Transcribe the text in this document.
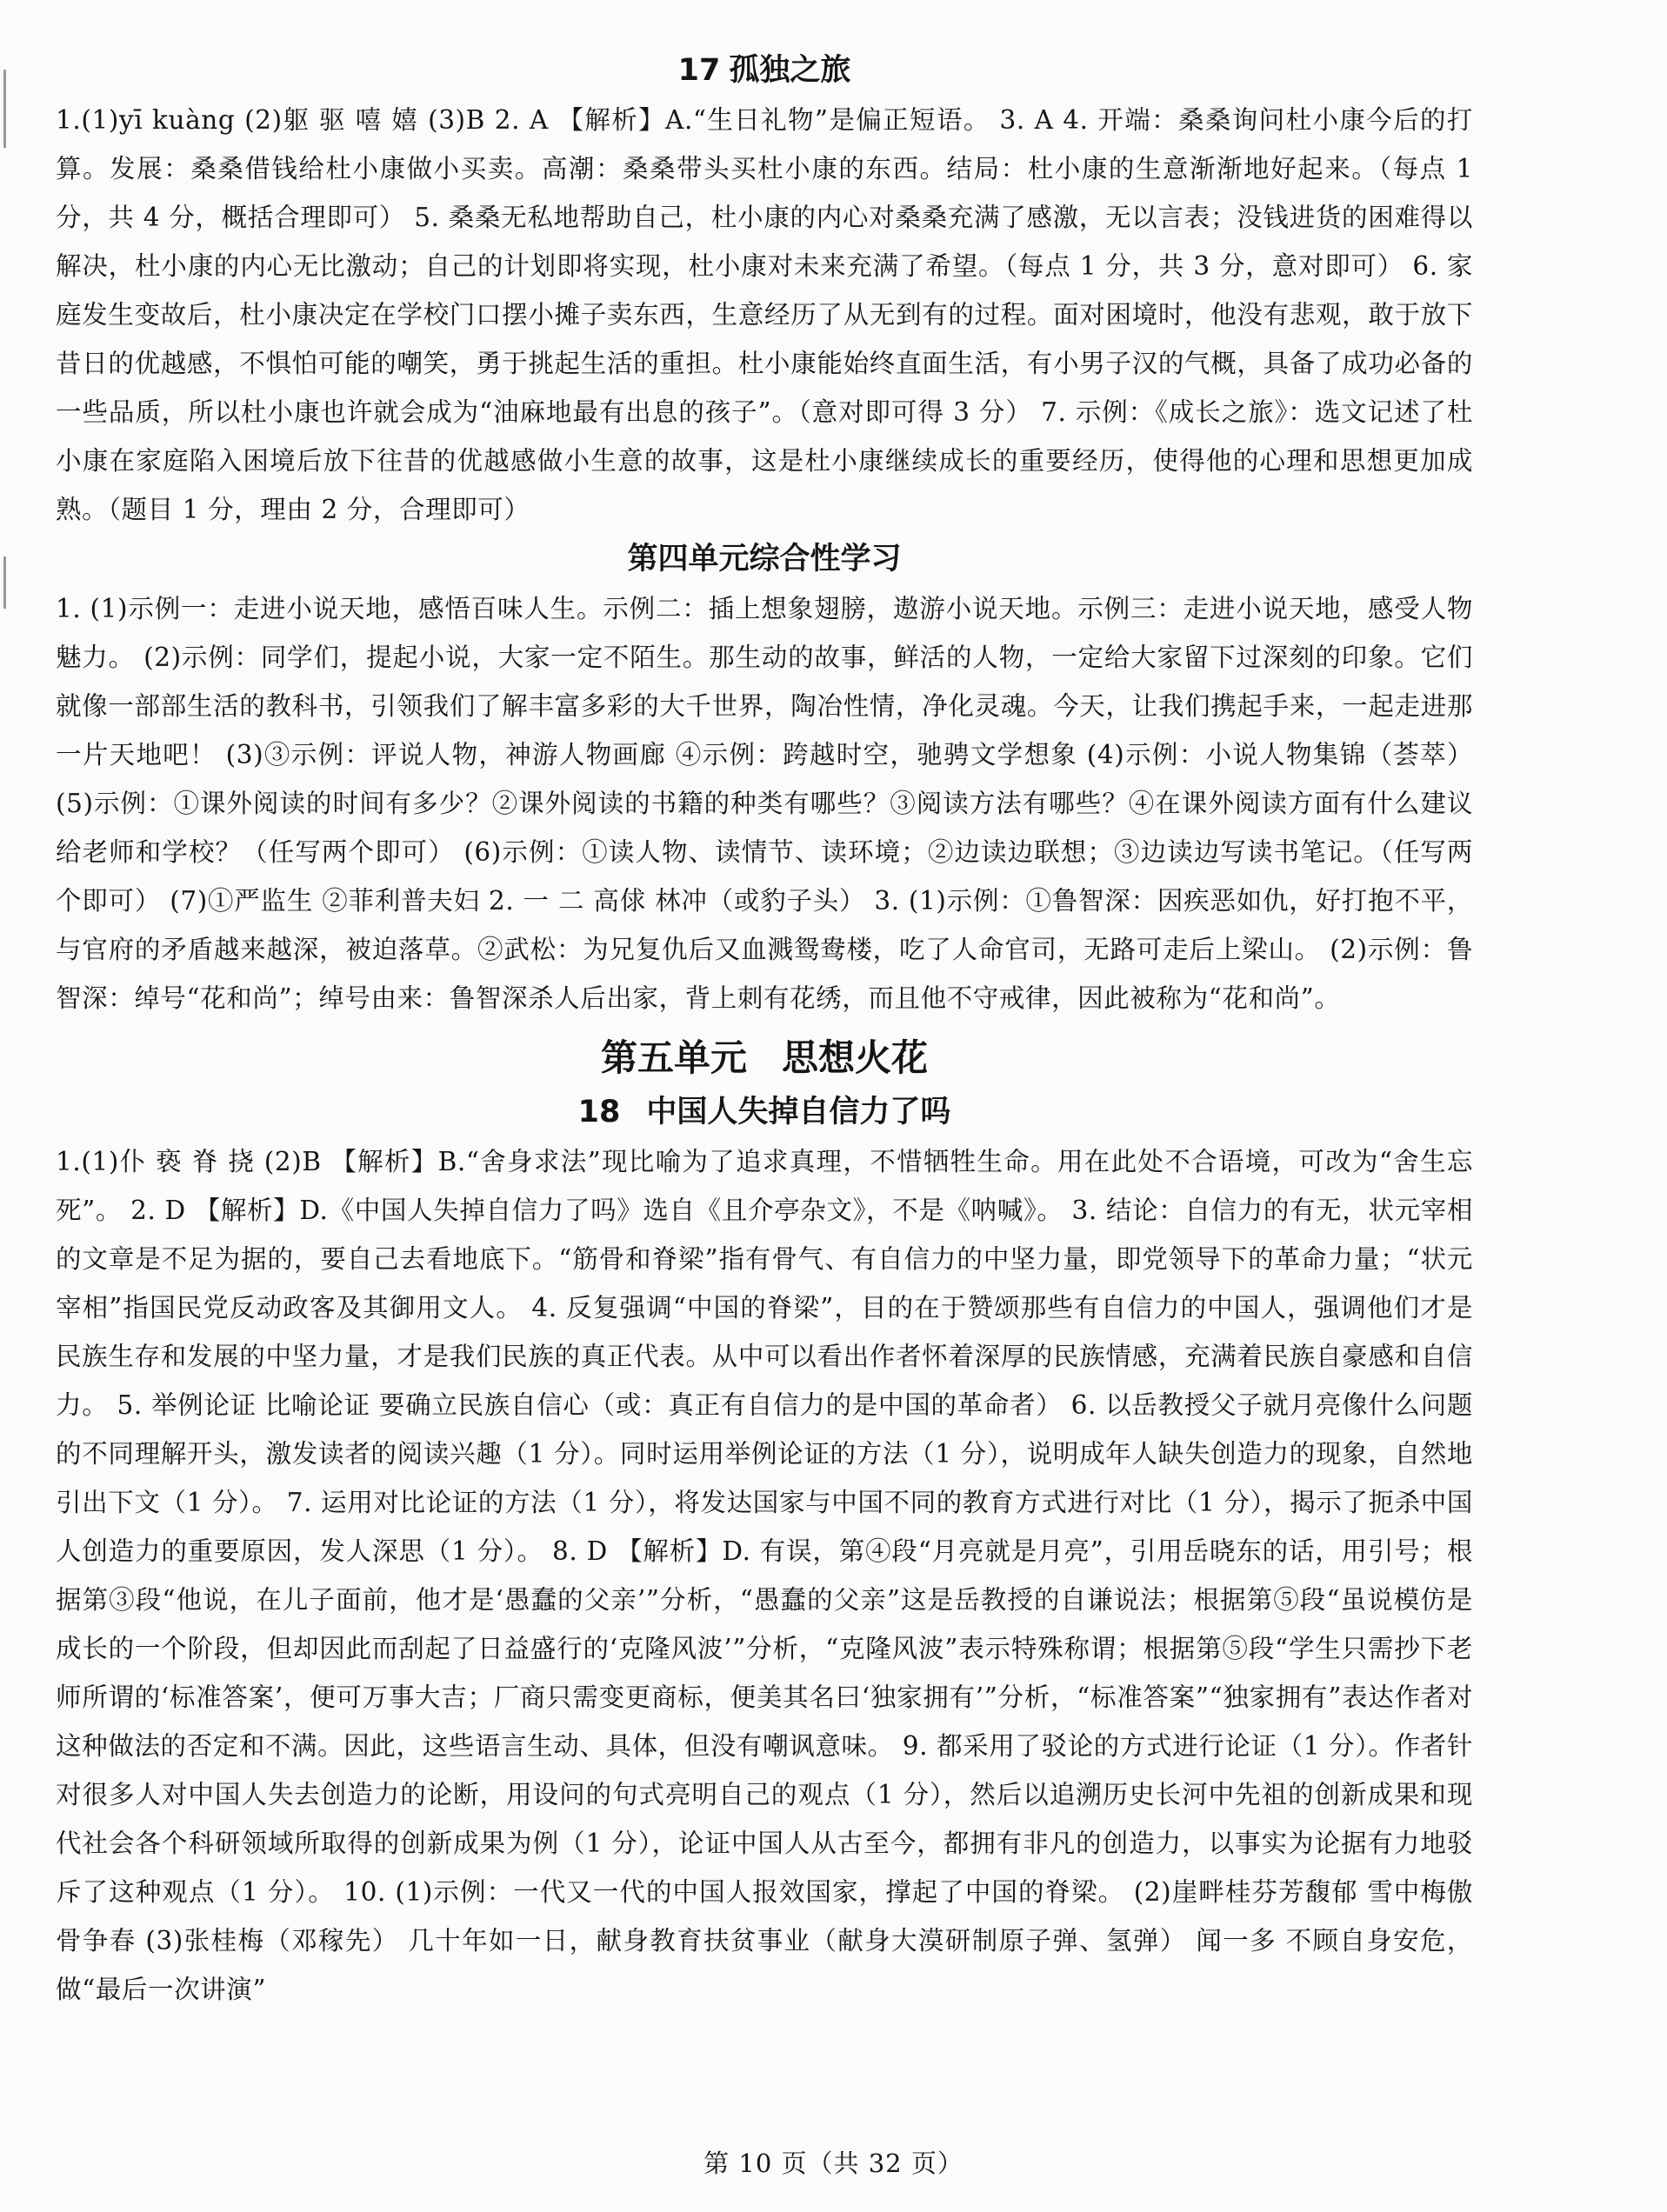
17 孤独之旅

1.(1)yī kuàng (2)躯 驱 嘻 嬉 (3)B 2. A 【解析】A.“生日礼物”是偏正短语。 3. A 4. 开端：桑桑询问杜小康今后的打算。发展：桑桑借钱给杜小康做小买卖。高潮：桑桑带头买杜小康的东西。结局：杜小康的生意渐渐地好起来。（每点 1 分，共 4 分，概括合理即可） 5. 桑桑无私地帮助自己，杜小康的内心对桑桑充满了感激，无以言表；没钱进货的困难得以解决，杜小康的内心无比激动；自己的计划即将实现，杜小康对未来充满了希望。（每点 1 分，共 3 分，意对即可） 6. 家庭发生变故后，杜小康决定在学校门口摆小摊子卖东西，生意经历了从无到有的过程。面对困境时，他没有悲观，敢于放下昔日的优越感，不惧怕可能的嘲笑，勇于挑起生活的重担。杜小康能始终直面生活，有小男子汉的气概，具备了成功必备的一些品质，所以杜小康也许就会成为“油麻地最有出息的孩子”。（意对即可得 3 分） 7. 示例：《成长之旅》：选文记述了杜小康在家庭陷入困境后放下往昔的优越感做小生意的故事，这是杜小康继续成长的重要经历，使得他的心理和思想更加成熟。（题目 1 分，理由 2 分，合理即可）

第四单元综合性学习

1. (1)示例一：走进小说天地，感悟百味人生。示例二：插上想象翅膀，遨游小说天地。示例三：走进小说天地，感受人物魅力。 (2)示例：同学们，提起小说，大家一定不陌生。那生动的故事，鲜活的人物，一定给大家留下过深刻的印象。它们就像一部部生活的教科书，引领我们了解丰富多彩的大千世界，陶冶性情，净化灵魂。今天，让我们携起手来，一起走进那一片天地吧！ (3)③示例：评说人物，神游人物画廊 ④示例：跨越时空，驰骋文学想象 (4)示例：小说人物集锦（荟萃） (5)示例：①课外阅读的时间有多少？②课外阅读的书籍的种类有哪些？③阅读方法有哪些？④在课外阅读方面有什么建议给老师和学校？（任写两个即可） (6)示例：①读人物、读情节、读环境；②边读边联想；③边读边写读书笔记。（任写两个即可） (7)①严监生 ②菲利普夫妇 2. 一 二 高俅 林冲（或豹子头） 3. (1)示例：①鲁智深：因疾恶如仇，好打抱不平，与官府的矛盾越来越深，被迫落草。②武松：为兄复仇后又血溅鸳鸯楼，吃了人命官司，无路可走后上梁山。 (2)示例：鲁智深：绰号“花和尚”；绰号由来：鲁智深杀人后出家，背上刺有花绣，而且他不守戒律，因此被称为“花和尚”。

第五单元 思想火花
18 中国人失掉自信力了吗

1.(1)仆 亵 脊 挠 (2)B 【解析】B.“舍身求法”现比喻为了追求真理，不惜牺牲生命。用在此处不合语境，可改为“舍生忘死”。 2. D 【解析】D.《中国人失掉自信力了吗》选自《且介亭杂文》，不是《呐喊》。 3. 结论：自信力的有无，状元宰相的文章是不足为据的，要自己去看地底下。“筋骨和脊梁”指有骨气、有自信力的中坚力量，即党领导下的革命力量；“状元宰相”指国民党反动政客及其御用文人。 4. 反复强调“中国的脊梁”，目的在于赞颂那些有自信力的中国人，强调他们才是民族生存和发展的中坚力量，才是我们民族的真正代表。从中可以看出作者怀着深厚的民族情感，充满着民族自豪感和自信力。 5. 举例论证 比喻论证 要确立民族自信心（或：真正有自信力的是中国的革命者） 6. 以岳教授父子就月亮像什么问题的不同理解开头，激发读者的阅读兴趣（1 分）。同时运用举例论证的方法（1 分），说明成年人缺失创造力的现象，自然地引出下文（1 分）。 7. 运用对比论证的方法（1 分），将发达国家与中国不同的教育方式进行对比（1 分），揭示了扼杀中国人创造力的重要原因，发人深思（1 分）。 8. D 【解析】D. 有误，第④段“月亮就是月亮”，引用岳晓东的话，用引号；根据第③段“他说，在儿子面前，他才是‘愚蠢的父亲’”分析，“愚蠢的父亲”这是岳教授的自谦说法；根据第⑤段“虽说模仿是成长的一个阶段，但却因此而刮起了日益盛行的‘克隆风波’”分析，“克隆风波”表示特殊称谓；根据第⑤段“学生只需抄下老师所谓的‘标准答案’，便可万事大吉；厂商只需变更商标，便美其名曰‘独家拥有’”分析，“标准答案”“独家拥有”表达作者对这种做法的否定和不满。因此，这些语言生动、具体，但没有嘲讽意味。 9. 都采用了驳论的方式进行论证（1 分）。作者针对很多人对中国人失去创造力的论断，用设问的句式亮明自己的观点（1 分），然后以追溯历史长河中先祖的创新成果和现代社会各个科研领域所取得的创新成果为例（1 分），论证中国人从古至今，都拥有非凡的创造力，以事实为论据有力地驳斥了这种观点（1 分）。 10. (1)示例：一代又一代的中国人报效国家，撑起了中国的脊梁。 (2)崖畔桂芬芳馥郁 雪中梅傲骨争春 (3)张桂梅（邓稼先） 几十年如一日，献身教育扶贫事业（献身大漠研制原子弹、氢弹） 闻一多 不顾自身安危，做“最后一次讲演”

第 10 页（共 32 页）
